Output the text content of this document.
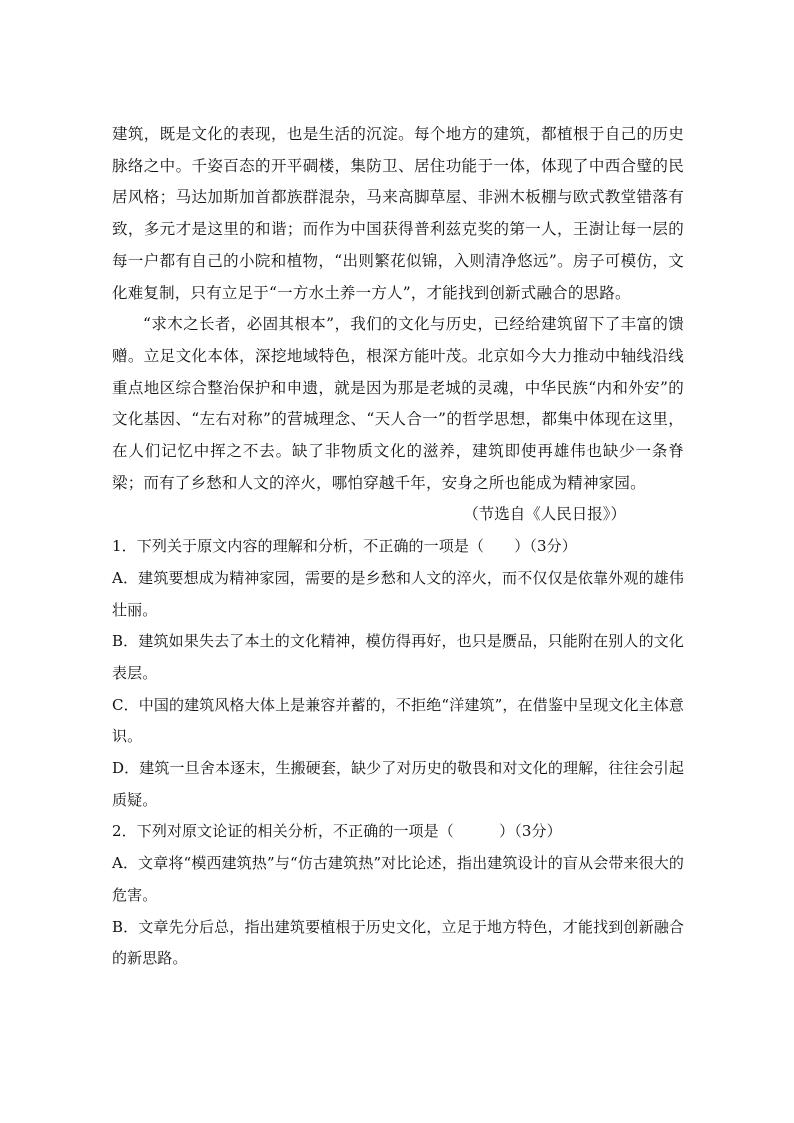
建筑，既是文化的表现，也是生活的沉淀。每个地方的建筑，都植根于自己的历史脉络之中。千姿百态的开平碉楼，集防卫、居住功能于一体，体现了中西合璧的民居风格；马达加斯加首都族群混杂，马来高脚草屋、非洲木板棚与欧式教堂错落有致，多元才是这里的和谐；而作为中国获得普利兹克奖的第一人，王澍让每一层的每一户都有自己的小院和植物，“出则繁花似锦，入则清净悠远”。房子可模仿，文化难复制，只有立足于“一方水土养一方人”，才能找到创新式融合的思路。

“求木之长者，必固其根本”，我们的文化与历史，已经给建筑留下了丰富的馈赠。立足文化本体，深挖地域特色，根深方能叶茂。北京如今大力推动中轴线沿线重点地区综合整治保护和申遗，就是因为那是老城的灵魂，中华民族“内和外安”的文化基因、“左右对称”的营城理念、“天人合一”的哲学思想，都集中体现在这里，在人们记忆中挥之不去。缺了非物质文化的滋养，建筑即使再雄伟也缺少一条脊梁；而有了乡愁和人文的淬火，哪怕穿越千年，安身之所也能成为精神家园。

（节选自《人民日报》）

1．下列关于原文内容的理解和分析，不正确的一项是（　　）（3分）

A．建筑要想成为精神家园，需要的是乡愁和人文的淬火，而不仅仅是依靠外观的雄伟壮丽。

B．建筑如果失去了本土的文化精神，模仿得再好，也只是赝品，只能附在别人的文化表层。

C．中国的建筑风格大体上是兼容并蓄的，不拒绝“洋建筑”，在借鉴中呈现文化主体意识。

D．建筑一旦舍本逐末，生搬硬套，缺少了对历史的敬畏和对文化的理解，往往会引起质疑。

2．下列对原文论证的相关分析，不正确的一项是（　　　）（3分）

A．文章将“模西建筑热”与“仿古建筑热”对比论述，指出建筑设计的盲从会带来很大的危害。

B．文章先分后总，指出建筑要植根于历史文化，立足于地方特色，才能找到创新融合的新思路。
